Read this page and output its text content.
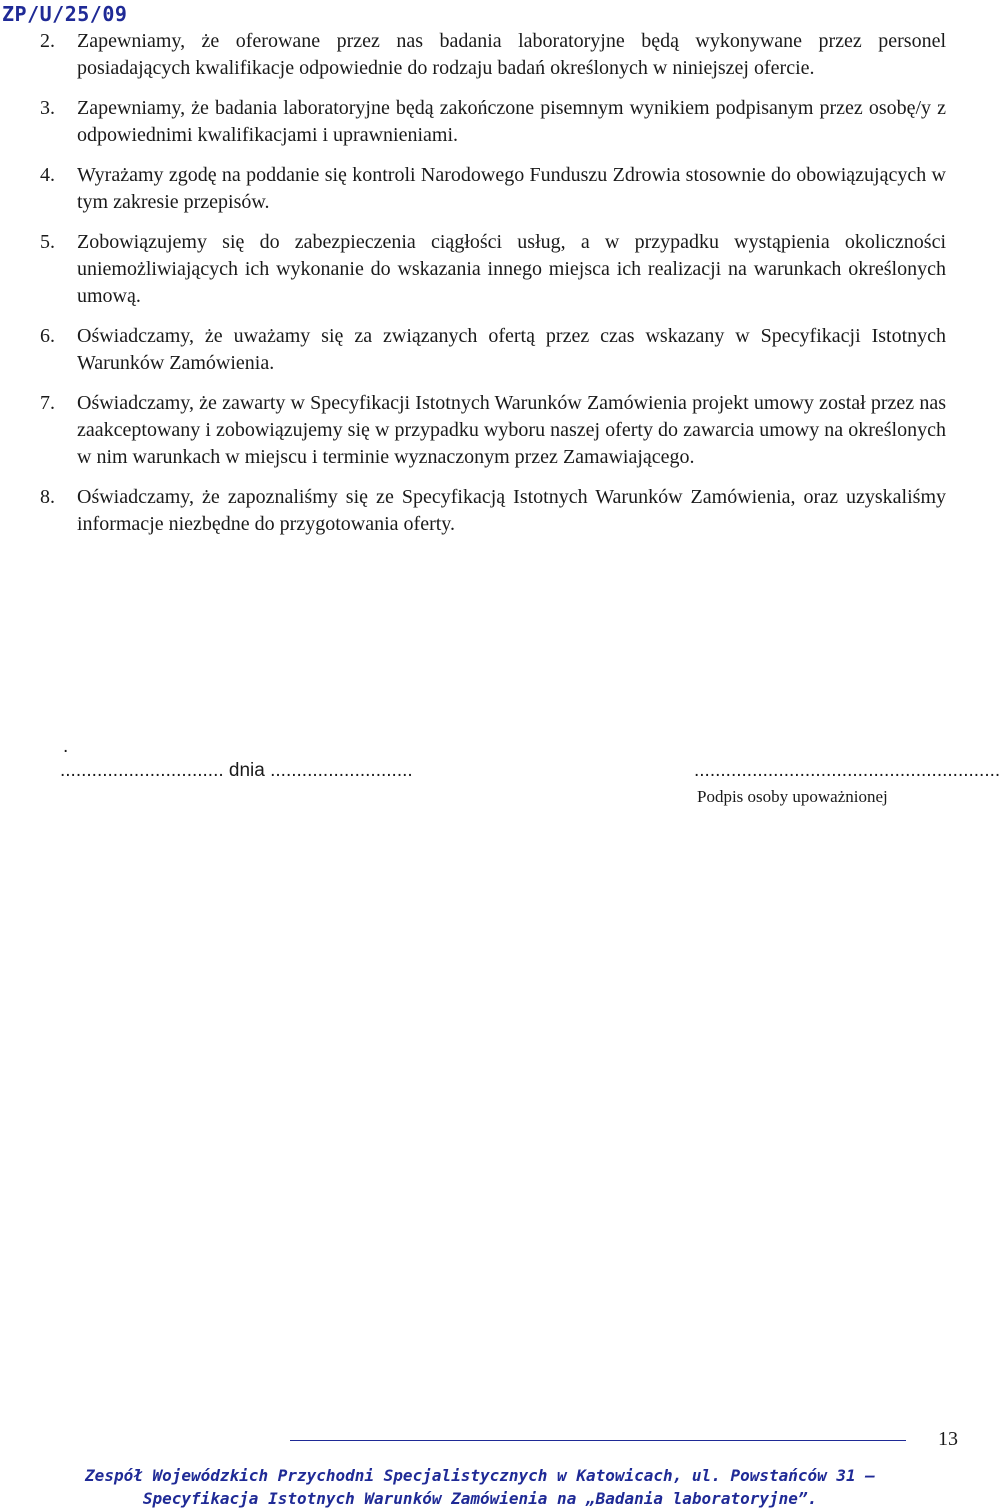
ZP/U/25/09
2. Zapewniamy, że oferowane przez nas badania laboratoryjne będą wykonywane przez personel posiadających kwalifikacje odpowiednie do rodzaju badań określonych w niniejszej ofercie.
3. Zapewniamy, że badania laboratoryjne będą zakończone pisemnym wynikiem podpisanym przez osobę/y z odpowiednimi kwalifikacjami i uprawnieniami.
4. Wyrażamy zgodę na poddanie się kontroli Narodowego Funduszu Zdrowia stosownie do obowiązujących w tym zakresie przepisów.
5. Zobowiązujemy się do zabezpieczenia ciągłości usług, a w przypadku wystąpienia okoliczności uniemożliwiających ich wykonanie do wskazania innego miejsca ich realizacji na warunkach określonych umową.
6. Oświadczamy, że uważamy się za związanych ofertą przez czas wskazany w Specyfikacji Istotnych Warunków Zamówienia.
7. Oświadczamy, że zawarty w Specyfikacji Istotnych Warunków Zamówienia projekt umowy został przez nas zaakceptowany i zobowiązujemy się w przypadku wyboru naszej oferty do zawarcia umowy na określonych w nim warunkach w miejscu i terminie wyznaczonym przez Zamawiającego.
8. Oświadczamy, że zapoznaliśmy się ze Specyfikacją Istotnych Warunków Zamówienia, oraz uzyskaliśmy informacje niezbędne do przygotowania oferty.
.
............................... dnia ...........................	..........................................................
Podpis osoby upoważnionej
13
Zespół Wojewódzkich Przychodni Specjalistycznych w Katowicach, ul. Powstańców 31 –
Specyfikacja Istotnych Warunków Zamówienia na „Badania laboratoryjne”.
